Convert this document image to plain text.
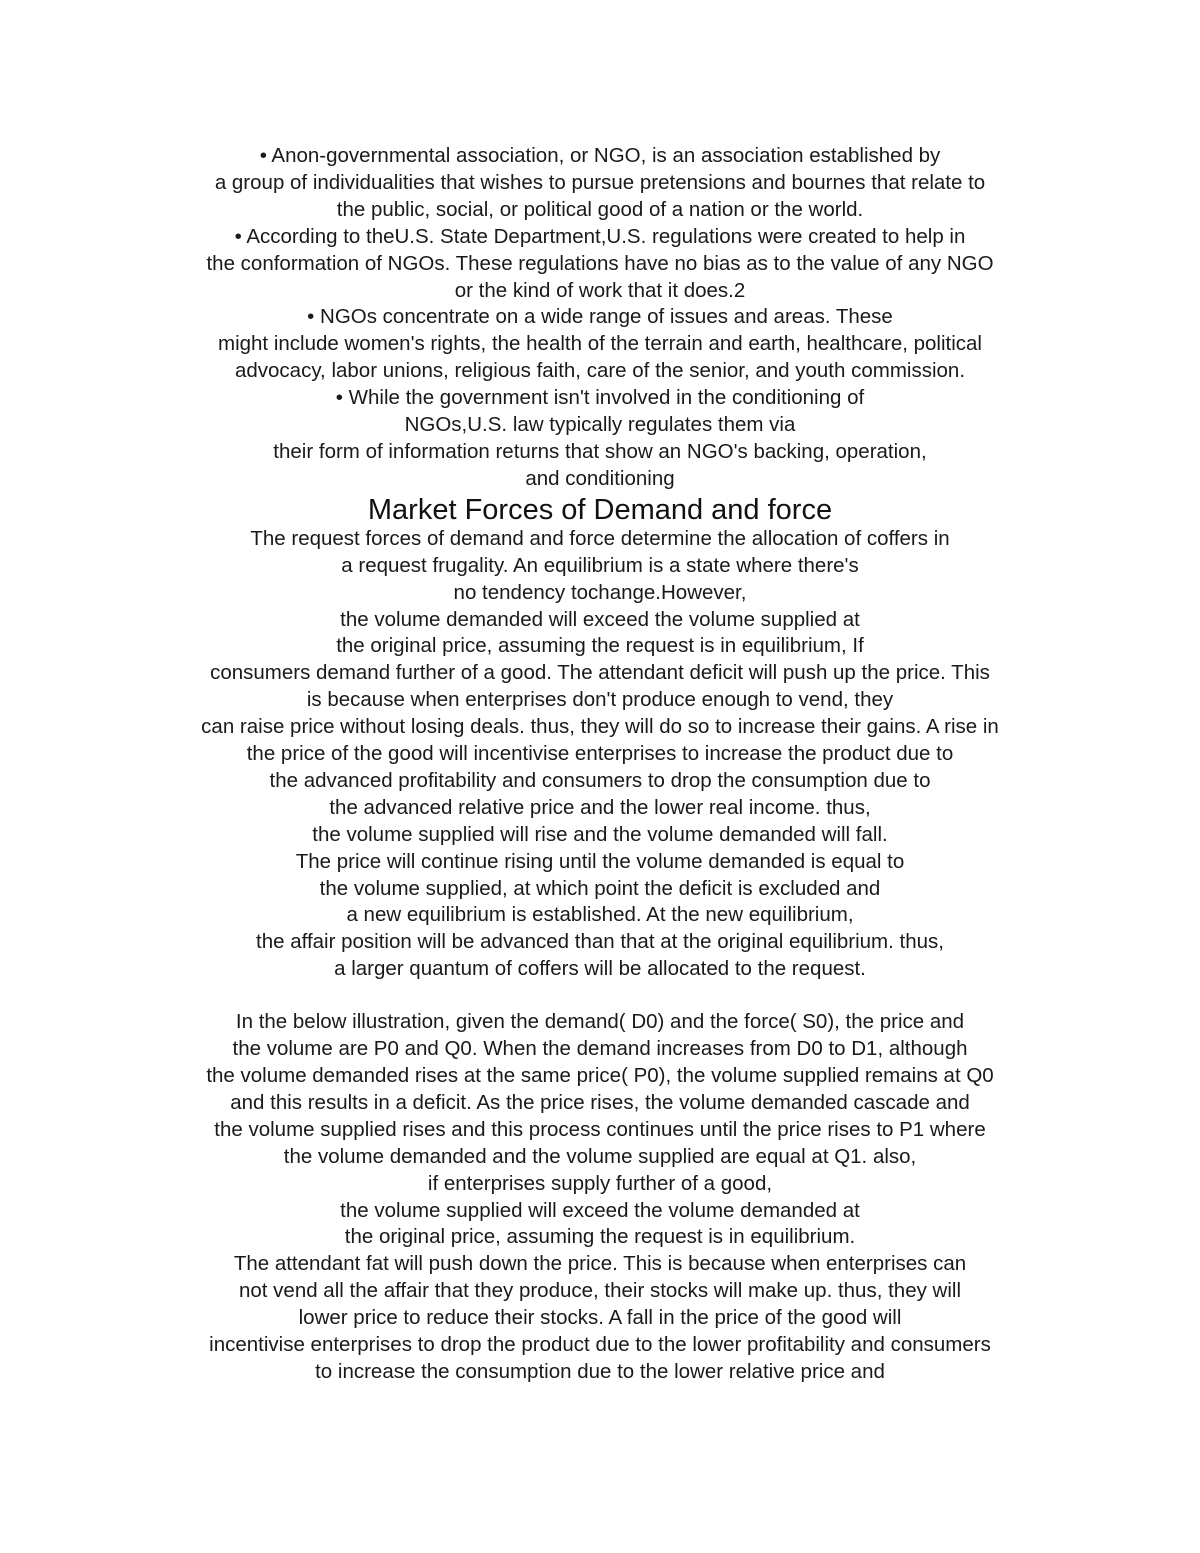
• Anon-governmental association, or NGO, is an association established by
a group of individualities that wishes to pursue pretensions and bournes that relate to
the public, social, or political good of a nation or the world.
• According to theU.S. State Department,U.S. regulations were created to help in
the conformation of NGOs. These regulations have no bias as to the value of any NGO
or the kind of work that it does.2
• NGOs concentrate on a wide range of issues and areas. These
might include women's rights, the health of the terrain and earth, healthcare, political
advocacy, labor unions, religious faith, care of the senior, and youth commission.
• While the government isn't involved in the conditioning of
NGOs,U.S. law typically regulates them via
their form of information returns that show an NGO's backing, operation,
and conditioning
Market Forces of Demand and force
The request forces of demand and force determine the allocation of coffers in
a request frugality. An equilibrium is a state where there's
no tendency tochange.However,
the volume demanded will exceed the volume supplied at
the original price, assuming the request is in equilibrium, If
consumers demand further of a good. The attendant deficit will push up the price. This
is because when enterprises don't produce enough to vend, they
can raise price without losing deals. thus, they will do so to increase their gains. A rise in
the price of the good will incentivise enterprises to increase the product due to
the advanced profitability and consumers to drop the consumption due to
the advanced relative price and the lower real income. thus,
the volume supplied will rise and the volume demanded will fall.
The price will continue rising until the volume demanded is equal to
the volume supplied, at which point the deficit is excluded and
a new equilibrium is established. At the new equilibrium,
the affair position will be advanced than that at the original equilibrium. thus,
a larger quantum of coffers will be allocated to the request.
In the below illustration, given the demand( D0) and the force( S0), the price and
the volume are P0 and Q0. When the demand increases from D0 to D1, although
the volume demanded rises at the same price( P0), the volume supplied remains at Q0
and this results in a deficit. As the price rises, the volume demanded cascade and
the volume supplied rises and this process continues until the price rises to P1 where
the volume demanded and the volume supplied are equal at Q1. also,
if enterprises supply further of a good,
the volume supplied will exceed the volume demanded at
the original price, assuming the request is in equilibrium.
The attendant fat will push down the price. This is because when enterprises can
not vend all the affair that they produce, their stocks will make up. thus, they will
lower price to reduce their stocks. A fall in the price of the good will
incentivise enterprises to drop the product due to the lower profitability and consumers
to increase the consumption due to the lower relative price and
